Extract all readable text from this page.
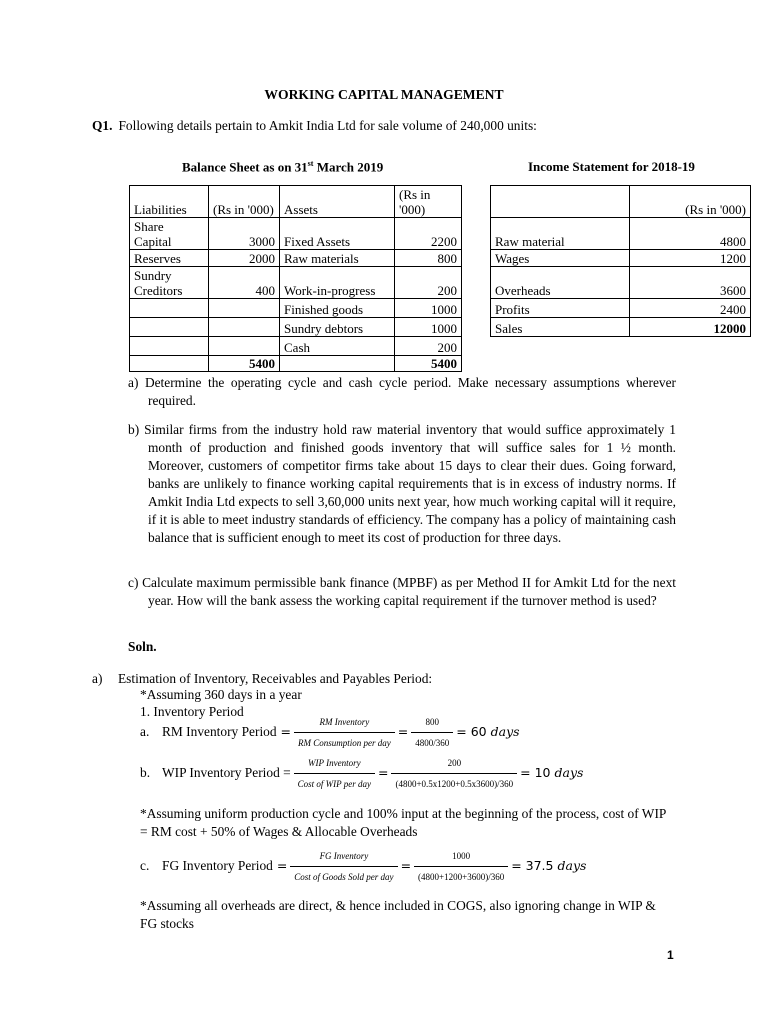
WORKING CAPITAL MANAGEMENT
Q1. Following details pertain to Amkit India Ltd for sale volume of 240,000 units:
Balance Sheet as on 31st March 2019	Income Statement for 2018-19
Liabilities	(Rs in '000)	Assets	(Rs in '000)
Share Capital	3000	Fixed Assets	2200
Reserves	2000	Raw materials	800
Sundry Creditors	400	Work-in-progress	200
		Finished goods	1000
		Sundry debtors	1000
		Cash	200
	5400		5400
	(Rs in '000)
Raw material	4800
Wages	1200
Overheads	3600
Profits	2400
Sales	12000
a) Determine the operating cycle and cash cycle period. Make necessary assumptions wherever required.
b) Similar firms from the industry hold raw material inventory that would suffice approximately 1 month of production and finished goods inventory that will suffice sales for 1 ½ month. Moreover, customers of competitor firms take about 15 days to clear their dues. Going forward, banks are unlikely to finance working capital requirements that is in excess of industry norms. If Amkit India Ltd expects to sell 3,60,000 units next year, how much working capital will it require, if it is able to meet industry standards of efficiency. The company has a policy of maintaining cash balance that is sufficient enough to meet its cost of production for three days.
c) Calculate maximum permissible bank finance (MPBF) as per Method II for Amkit Ltd for the next year. How will the bank assess the working capital requirement if the turnover method is used?
Soln.
a) Estimation of Inventory, Receivables and Payables Period:
*Assuming 360 days in a year
1. Inventory Period
a. RM Inventory Period = $\frac{\text{RM Inventory}}{\text{RM Consumption per day}} = \frac{800}{4800/360} = 60$ days
b. WIP Inventory Period = $\frac{\text{WIP Inventory}}{\text{Cost of WIP per day}} = \frac{200}{(4800+0.5x1200+0.5x3600)/360} = 10$ days
*Assuming uniform production cycle and 100% input at the beginning of the process, cost of WIP = RM cost + 50% of Wages & Allocable Overheads
c. FG Inventory Period = $\frac{\text{FG Inventory}}{\text{Cost of Goods Sold per day}} = \frac{1000}{(4800+1200+3600)/360} = 37.5$ days
*Assuming all overheads are direct, & hence included in COGS, also ignoring change in WIP & FG stocks
1
